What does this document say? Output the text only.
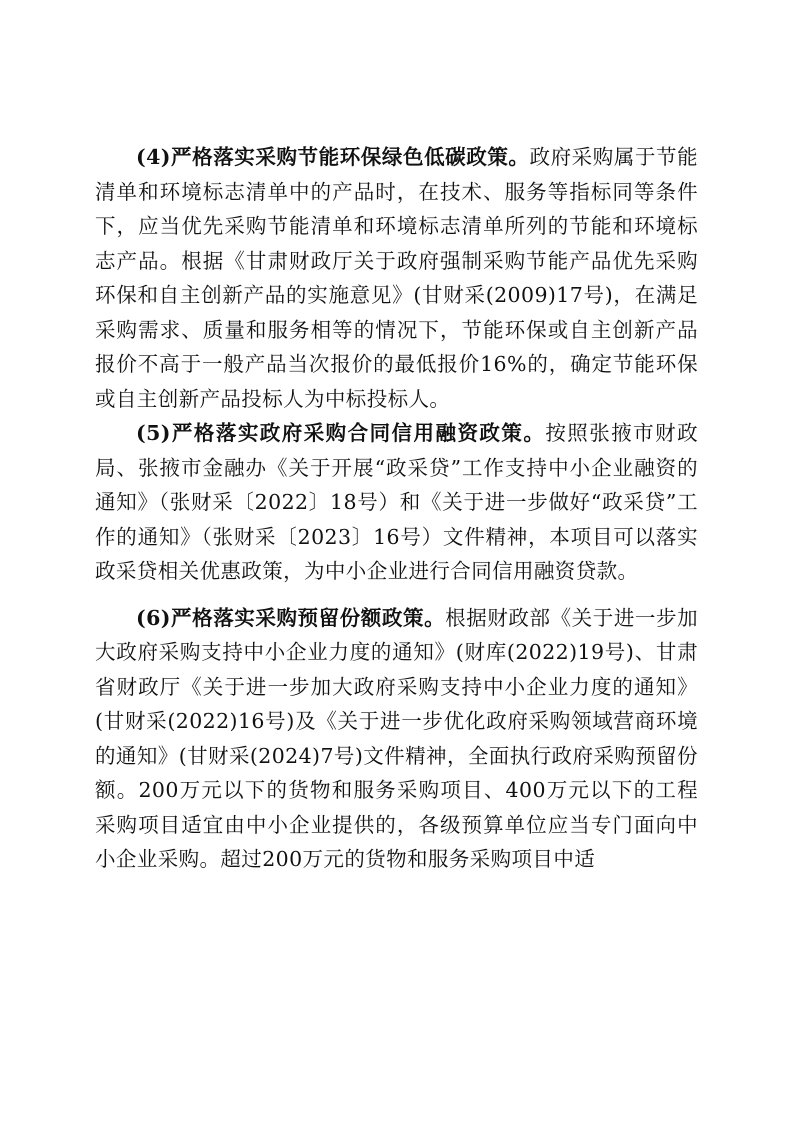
(4)严格落实采购节能环保绿色低碳政策。政府采购属于节能清单和环境标志清单中的产品时，在技术、服务等指标同等条件下，应当优先采购节能清单和环境标志清单所列的节能和环境标志产品。根据《甘肃财政厅关于政府强制采购节能产品优先采购环保和自主创新产品的实施意见》(甘财采(2009)17号)，在满足采购需求、质量和服务相等的情况下，节能环保或自主创新产品报价不高于一般产品当次报价的最低报价16%的，确定节能环保或自主创新产品投标人为中标投标人。

(5)严格落实政府采购合同信用融资政策。按照张掖市财政局、张掖市金融办《关于开展“政采贷”工作支持中小企业融资的通知》（张财采〔2022〕18号）和《关于进一步做好“政采贷”工作的通知》（张财采〔2023〕16号）文件精神，本项目可以落实政采贷相关优惠政策，为中小企业进行合同信用融资贷款。

(6)严格落实采购预留份额政策。根据财政部《关于进一步加大政府采购支持中小企业力度的通知》(财库(2022)19号)、甘肃省财政厅《关于进一步加大政府采购支持中小企业力度的通知》(甘财采(2022)16号)及《关于进一步优化政府采购领域营商环境的通知》(甘财采(2024)7号)文件精神，全面执行政府采购预留份额。200万元以下的货物和服务采购项目、400万元以下的工程采购项目适宜由中小企业提供的，各级预算单位应当专门面向中小企业采购。超过200万元的货物和服务采购项目中适
